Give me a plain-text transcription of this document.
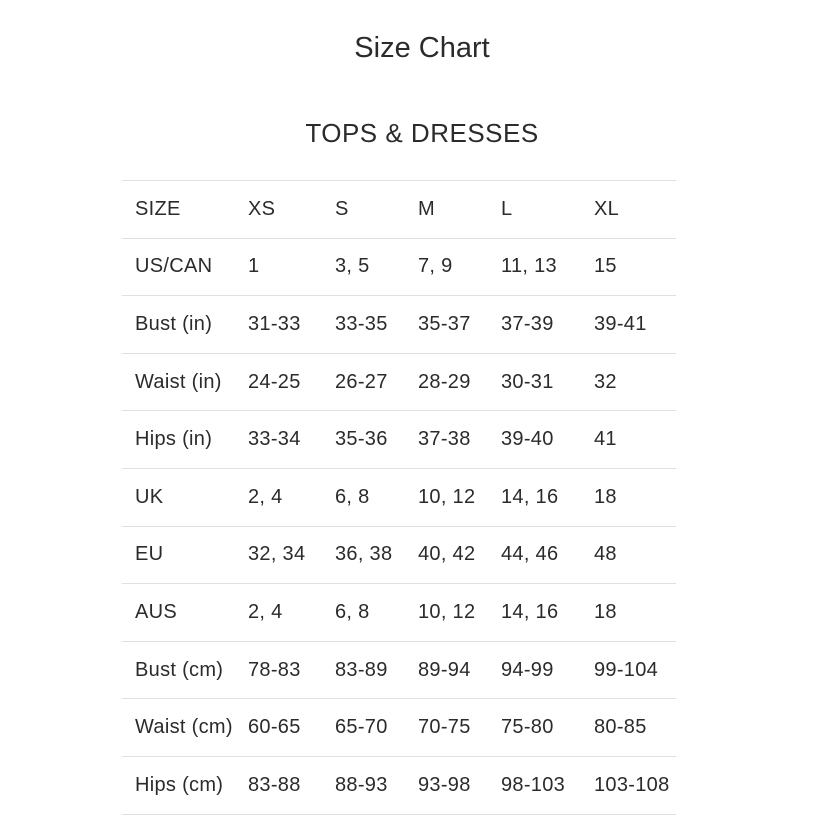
Size Chart
TOPS & DRESSES
SIZE	XS	S	M	L	XL
US/CAN	1	3, 5	7, 9	11, 13	15
Bust (in)	31-33	33-35	35-37	37-39	39-41
Waist (in)	24-25	26-27	28-29	30-31	32
Hips (in)	33-34	35-36	37-38	39-40	41
UK	2, 4	6, 8	10, 12	14, 16	18
EU	32, 34	36, 38	40, 42	44, 46	48
AUS	2, 4	6, 8	10, 12	14, 16	18
Bust (cm)	78-83	83-89	89-94	94-99	99-104
Waist (cm)	60-65	65-70	70-75	75-80	80-85
Hips (cm)	83-88	88-93	93-98	98-103	103-108
